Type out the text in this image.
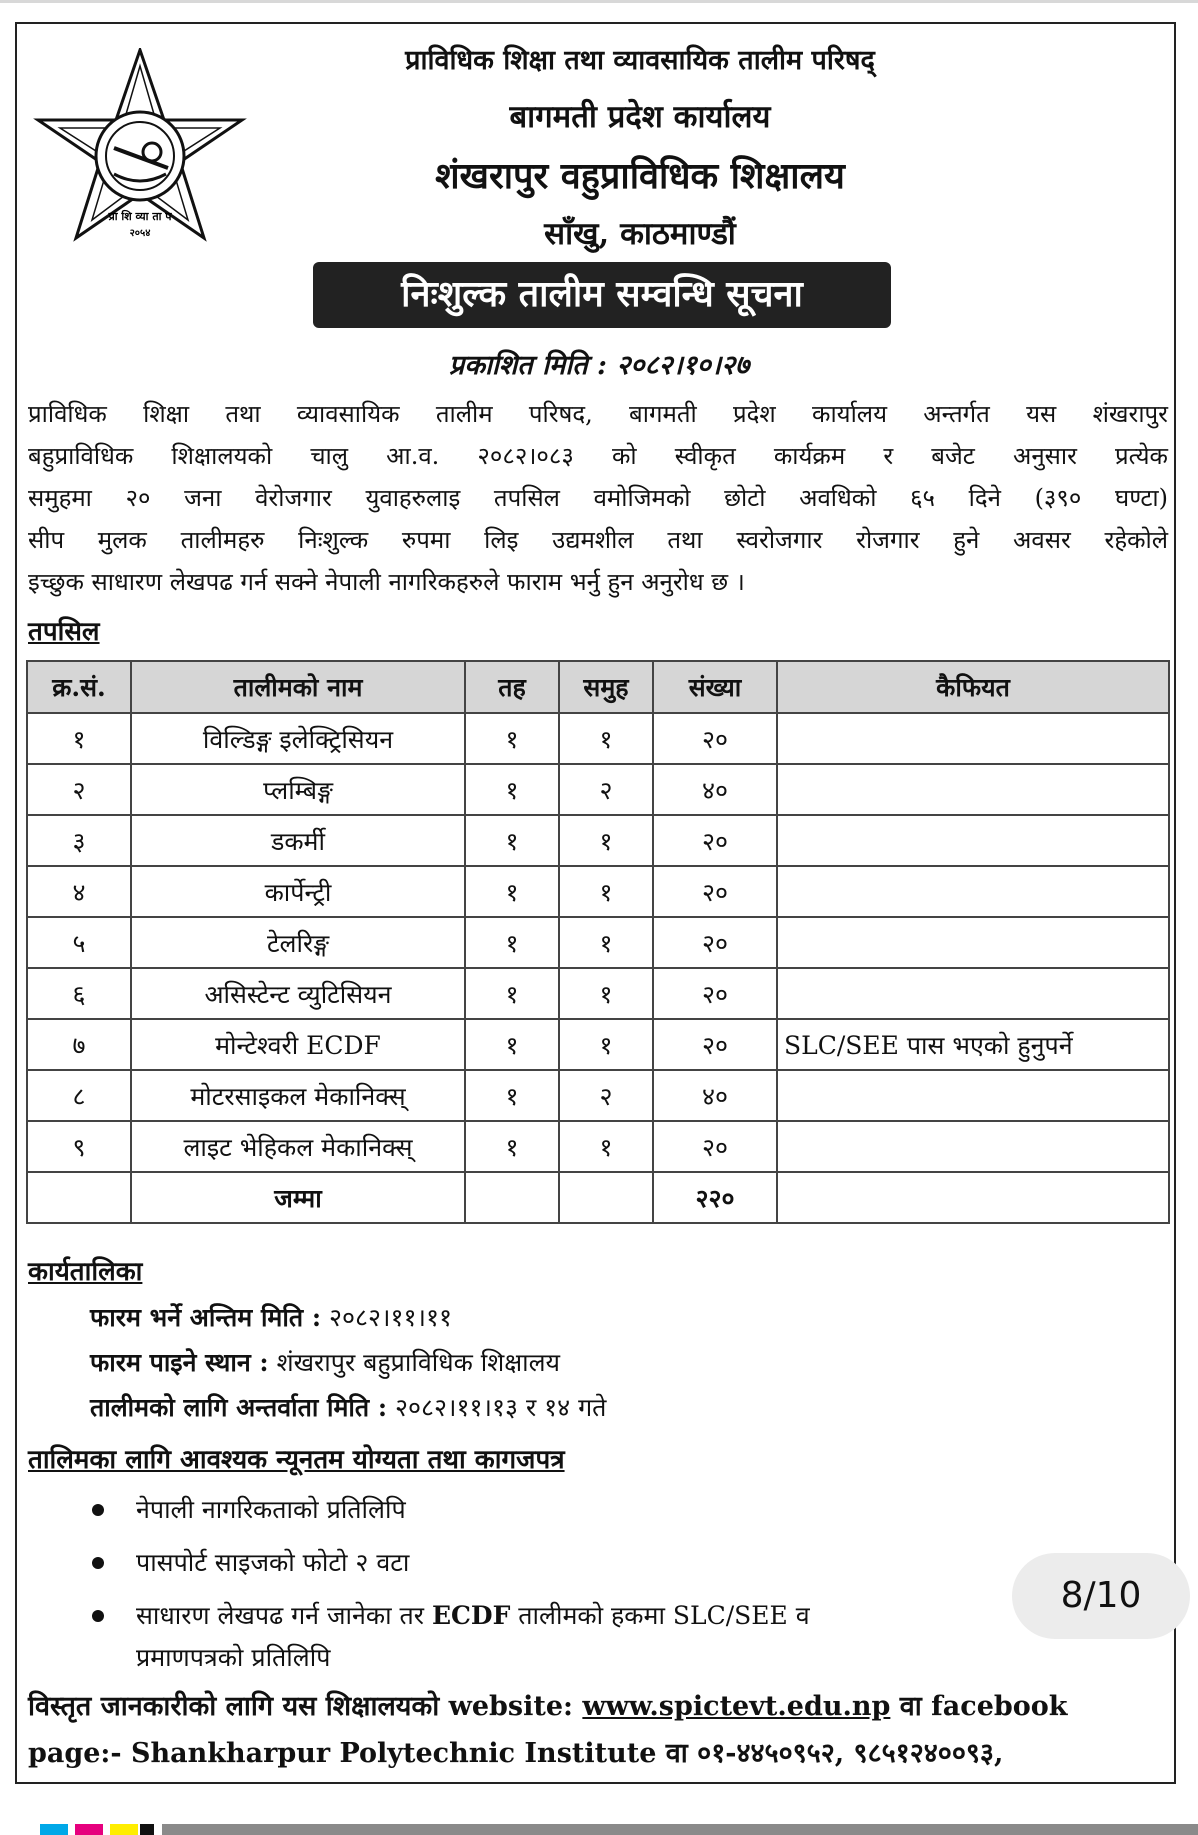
प्रा शि व्या ता प
२०५४
प्राविधिक शिक्षा तथा व्यावसायिक तालीम परिषद्
बागमती प्रदेश कार्यालय
शंखरापुर वहुप्राविधिक शिक्षालय
साँखु, काठमाण्डौं
निःशुल्क तालीम सम्वन्धि सूचना
प्रकाशित मिति : २०८२।१०।२७
प्राविधिक शिक्षा तथा व्यावसायिक तालीम परिषद, बागमती प्रदेश कार्यालय अन्तर्गत यस शंखरापुर
बहुप्राविधिक शिक्षालयको चालु आ.व. २०८२।०८३ को स्वीकृत कार्यक्रम र बजेट अनुसार प्रत्येक
समुहमा २० जना वेरोजगार युवाहरुलाइ तपसिल वमोजिमको छोटो अवधिको ६५ दिने (३९० घण्टा)
सीप मुलक तालीमहरु निःशुल्क रुपमा लिइ उद्यमशील तथा स्वरोजगार रोजगार हुने अवसर रहेकोले
इच्छुक साधारण लेखपढ गर्न सक्ने नेपाली नागरिकहरुले फाराम भर्नु हुन अनुरोध छ ।
तपसिल
क्र.सं.	तालीमको नाम	तह	समुह	संख्या	कैफियत
१	विल्डिङ्ग इलेक्ट्रिसियन	१	१	२०	
२	प्लम्बिङ्ग	१	२	४०	
३	डकर्मी	१	१	२०	
४	कार्पेन्ट्री	१	१	२०	
५	टेलरिङ्ग	१	१	२०	
६	असिस्टेन्ट व्युटिसियन	१	१	२०	
७	मोन्टेश्वरी ECDF	१	१	२०	SLC/SEE पास भएको हुनुपर्ने
८	मोटरसाइकल मेकानिक्स्	१	२	४०	
९	लाइट भेहिकल मेकानिक्स्	१	१	२०	
	जम्मा			२२०	
कार्यतालिका
फारम भर्ने अन्तिम मिति : २०८२।११।११
फारम पाइने स्थान : शंखरापुर बहुप्राविधिक शिक्षालय
तालीमको लागि अन्तर्वाता मिति : २०८२।११।१३ र १४ गते
तालिमका लागि आवश्यक न्यूनतम योग्यता तथा कागजपत्र
नेपाली नागरिकताको प्रतिलिपि
पासपोर्ट साइजको फोटो २ वटा
साधारण लेखपढ गर्न जानेका तर ECDF तालीमको हकमा SLC/SEE व
प्रमाणपत्रको प्रतिलिपि
8/10
विस्तृत जानकारीको लागि यस शिक्षालयको website: www.spictevt.edu.np वा facebook
page:- Shankharpur Polytechnic Institute वा ०१-४४५०९५२, ९८५१२४००९३,
